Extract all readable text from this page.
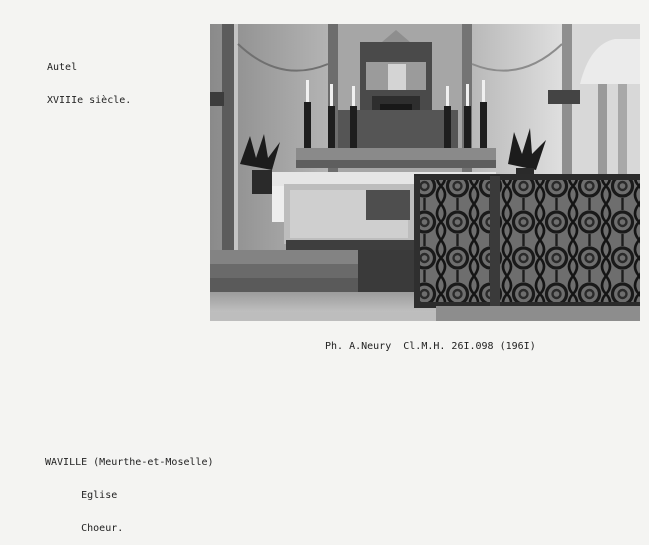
Autel

XVIIIe siècle.

Ph. A.Neury  Cl.M.H. 26I.098 (196I)

WAVILLE (Meurthe-et-Moselle)

Eglise

Choeur.
